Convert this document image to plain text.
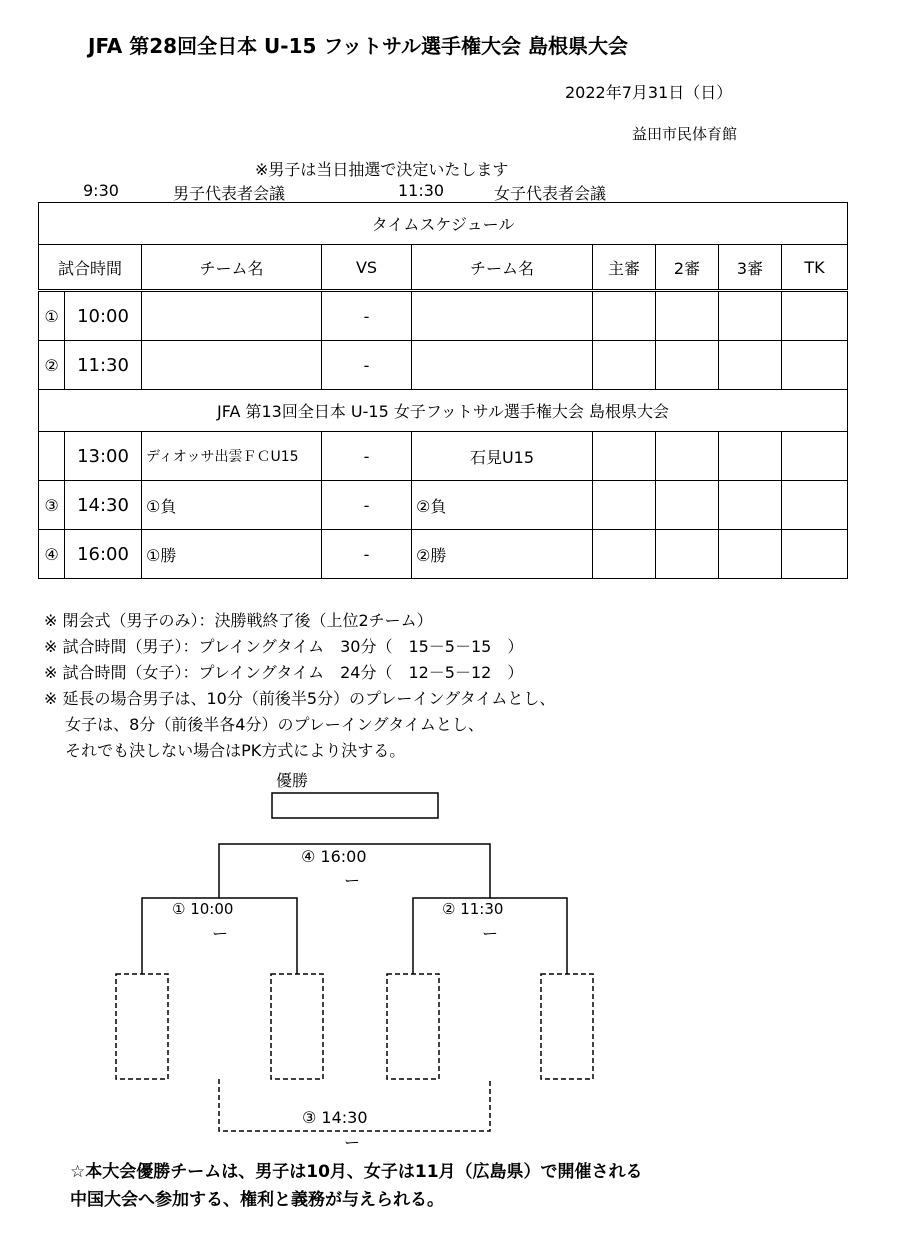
JFA 第28回全日本 U-15 フットサル選手権大会 島根県大会
2022年7月31日（日）
益田市民体育館
※男子は当日抽選で決定いたします
9:30	男子代表者会議	11:30	女子代表者会議
タイムスケジュール								
試合時間		チーム名	VS	チーム名	主審	2審	3審	TK
①	10:00		-					
②	11:30		-					
JFA 第13回全日本 U-15 女子フットサル選手権大会 島根県大会								
	13:00	ディオッサ出雲ＦＣU15	-	石見U15				
③	14:30	①負	-	②負				
④	16:00	①勝	-	②勝				
※ 閉会式（男子のみ）：決勝戦終了後（上位2チーム）
※ 試合時間（男子）：プレイングタイム　30分（　15－5－15　）
※ 試合時間（女子）：プレイングタイム　24分（　12－5－12　）
※ 延長の場合男子は、10分（前後半5分）のプレーイングタイムとし、
　 女子は、8分（前後半各4分）のプレーイングタイムとし、
　 それでも決しない場合はPK方式により決する。
優勝
④ 16:00
ー
① 10:00
ー
② 11:30
ー
③ 14:30
ー
☆本大会優勝チームは、男子は10月、女子は11月（広島県）で開催される
中国大会へ参加する、権利と義務が与えられる。
